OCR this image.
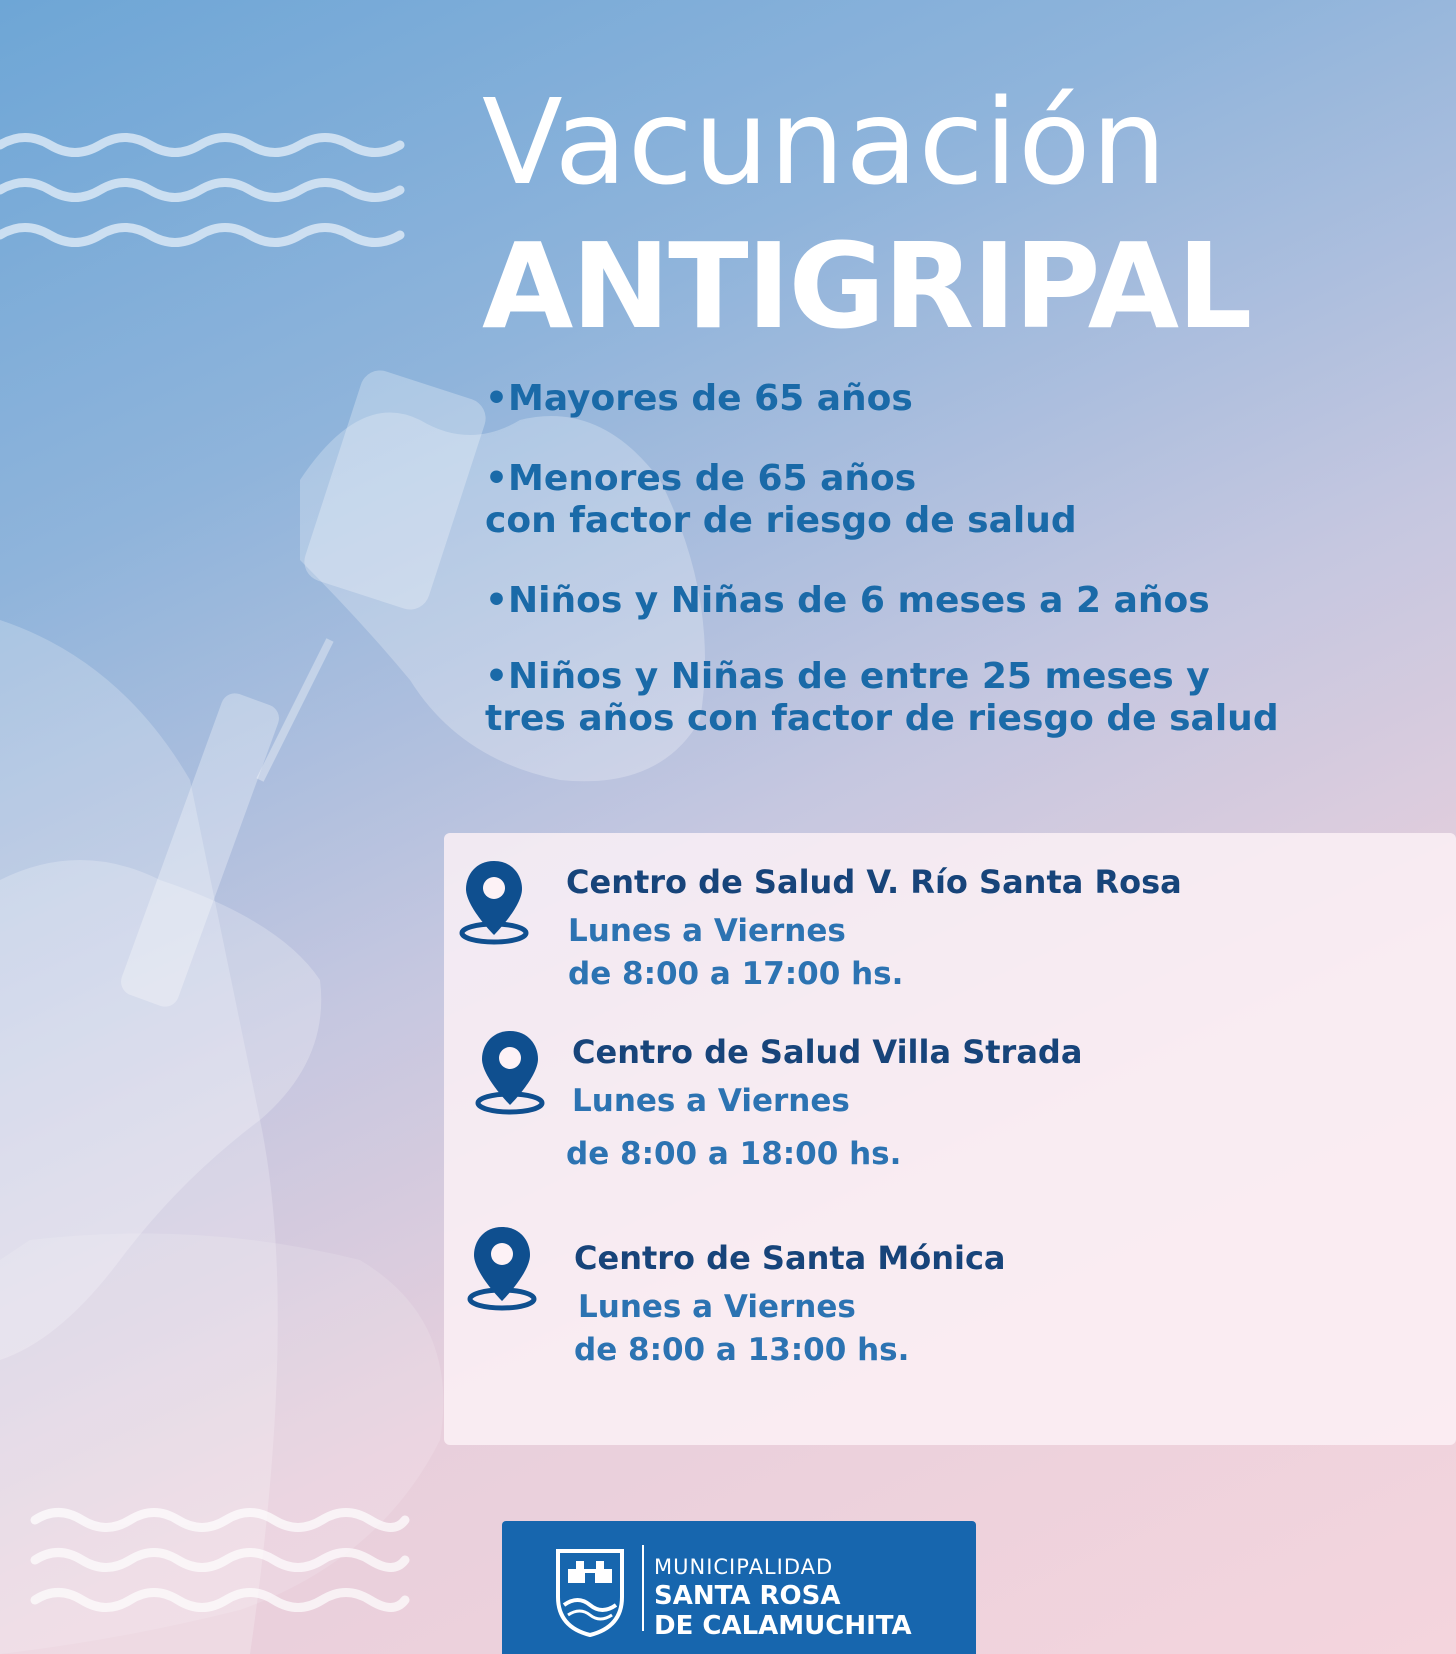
Vacunación
ANTIGRIPAL

•Mayores de 65 años

•Menores de 65 años
con factor de riesgo de salud

•Niños y Niñas de 6 meses a 2 años

•Niños y Niñas de entre 25 meses y
tres años con factor de riesgo de salud

Centro de Salud V. Río Santa Rosa

Lunes a Viernes

de 8:00 a 17:00 hs.

Centro de Salud Villa Strada

Lunes a Viernes

de 8:00 a 18:00 hs.

Centro de Santa Mónica

Lunes a Viernes

de 8:00 a 13:00 hs.

MUNICIPALIDAD

SANTA ROSA

DE CALAMUCHITA
